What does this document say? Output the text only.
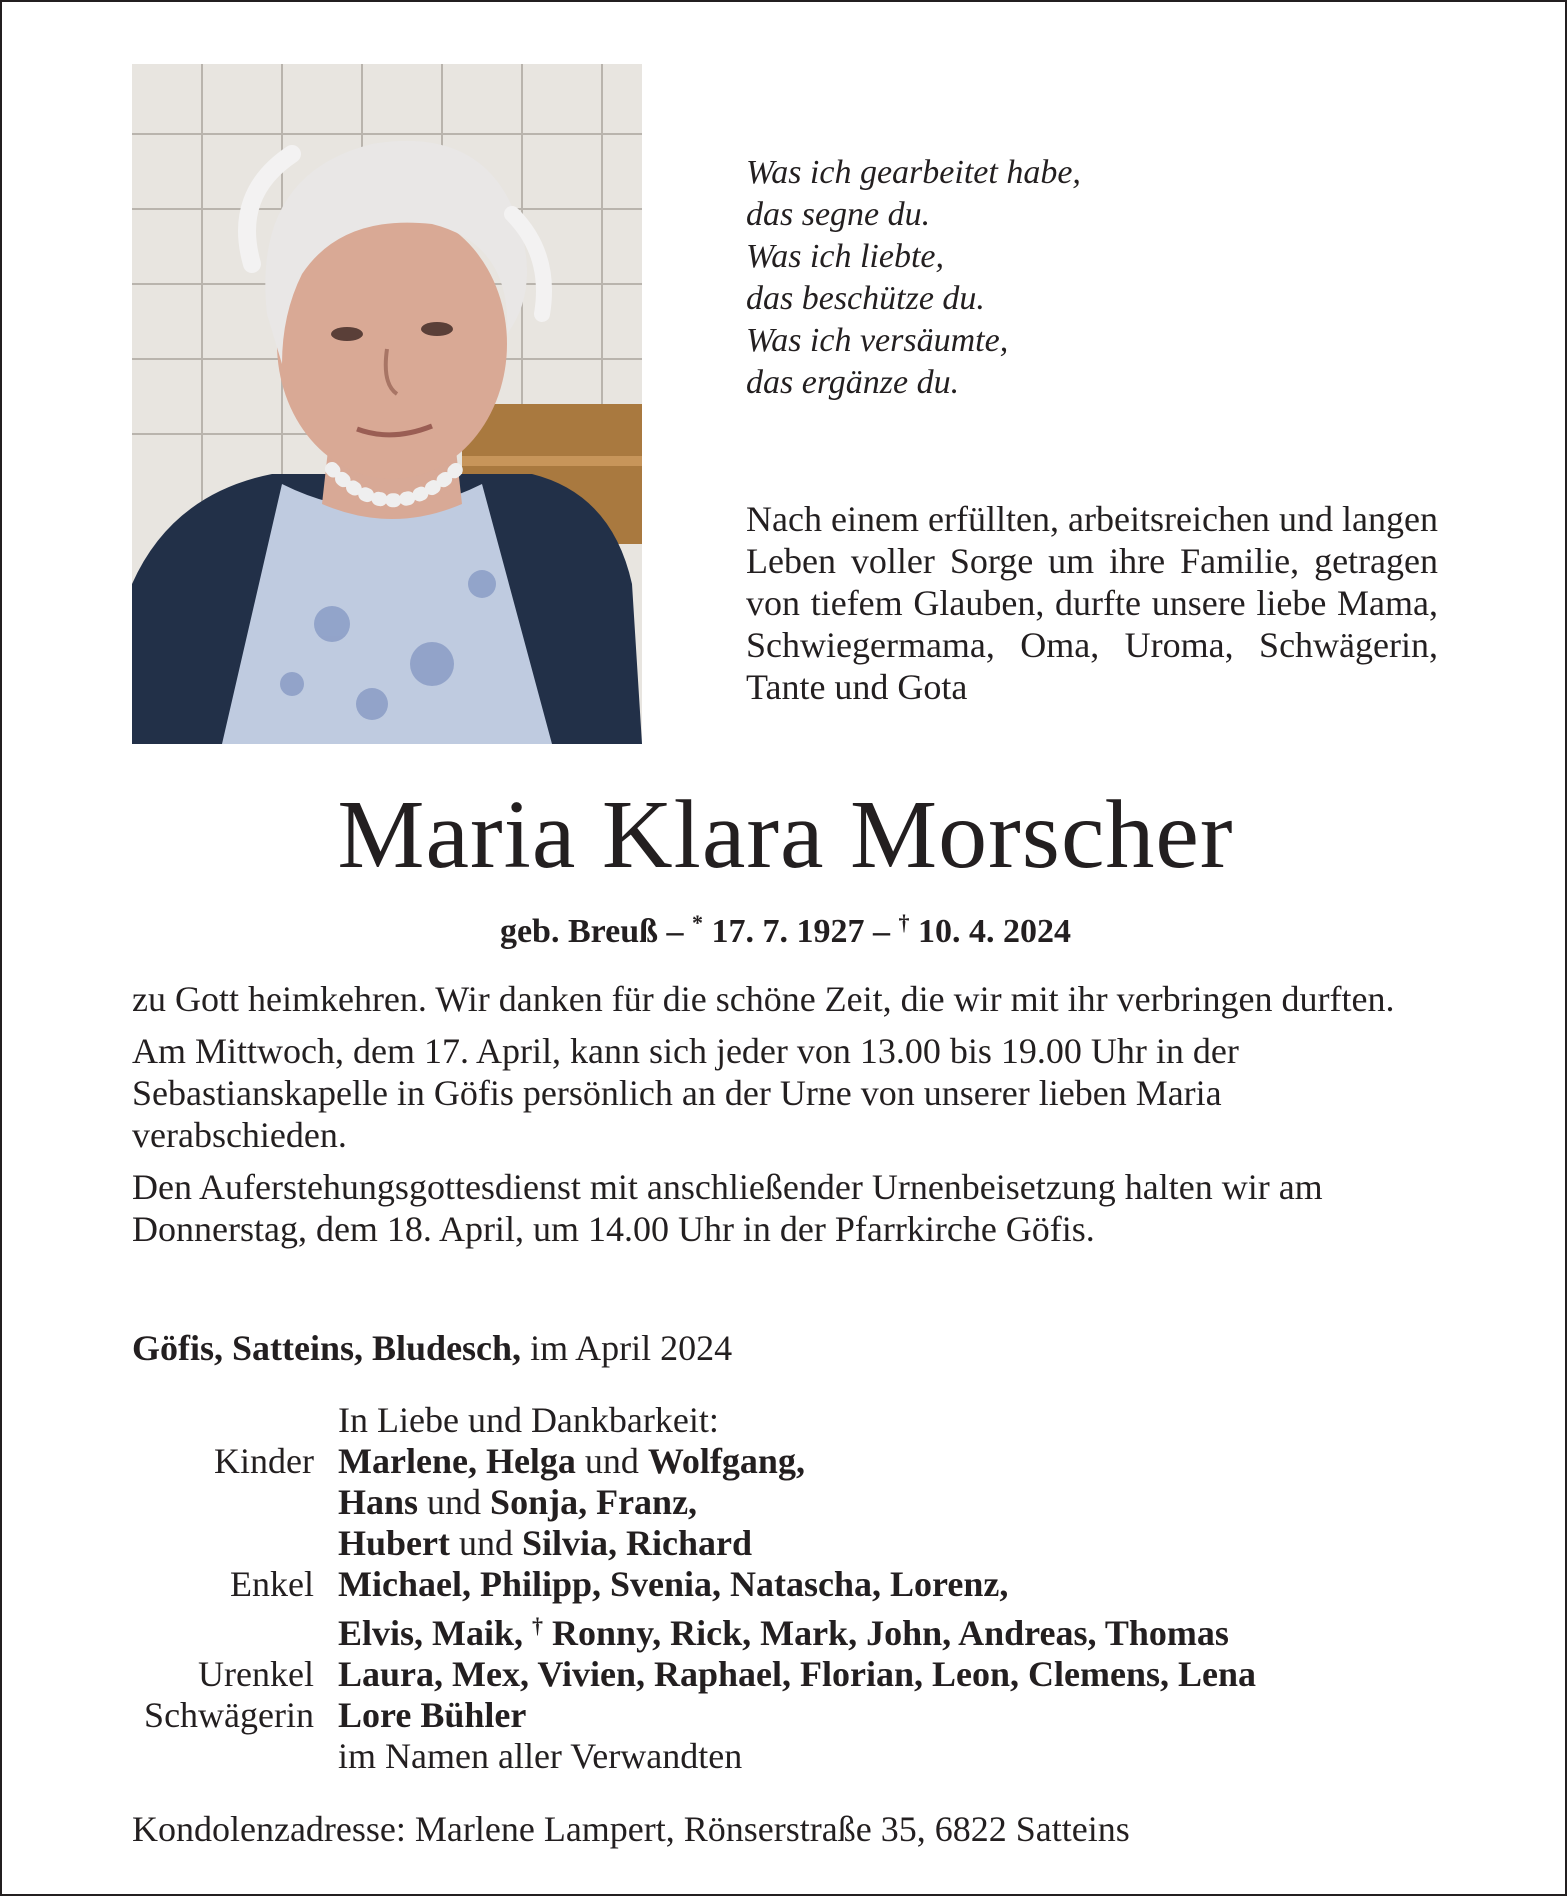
Was ich gearbeitet habe,
das segne du.
Was ich liebte,
das beschütze du.
Was ich versäumte,
das ergänze du.
Nach einem erfüllten, arbeitsreichen und langen Leben voller Sorge um ihre Familie, getragen von tiefem Glauben, durfte unsere liebe Mama, Schwiegermama, Oma, Uroma, Schwägerin, Tante und Gota
Maria Klara Morscher
geb. Breuß – * 17. 7. 1927 – † 10. 4. 2024

zu Gott heimkehren. Wir danken für die schöne Zeit, die wir mit ihr verbringen durften.

Am Mittwoch, dem 17. April, kann sich jeder von 13.00 bis 19.00 Uhr in der Sebastianskapelle in Göfis persönlich an der Urne von unserer lieben Maria verabschieden.

Den Auferstehungsgottesdienst mit anschließender Urnenbeisetzung halten wir am Donnerstag, dem 18. April, um 14.00 Uhr in der Pfarrkirche Göfis.

Göfis, Satteins, Bludesch, im April 2024
In Liebe und Dankbarkeit:
Kinder Marlene, Helga und Wolfgang,
Hans und Sonja, Franz,
Hubert und Silvia, Richard
Enkel Michael, Philipp, Svenia, Natascha, Lorenz,
Elvis, Maik, † Ronny, Rick, Mark, John, Andreas, Thomas
Urenkel Laura, Mex, Vivien, Raphael, Florian, Leon, Clemens, Lena
Schwägerin Lore Bühler
im Namen aller Verwandten
Kondolenzadresse: Marlene Lampert, Rönserstraße 35, 6822 Satteins
